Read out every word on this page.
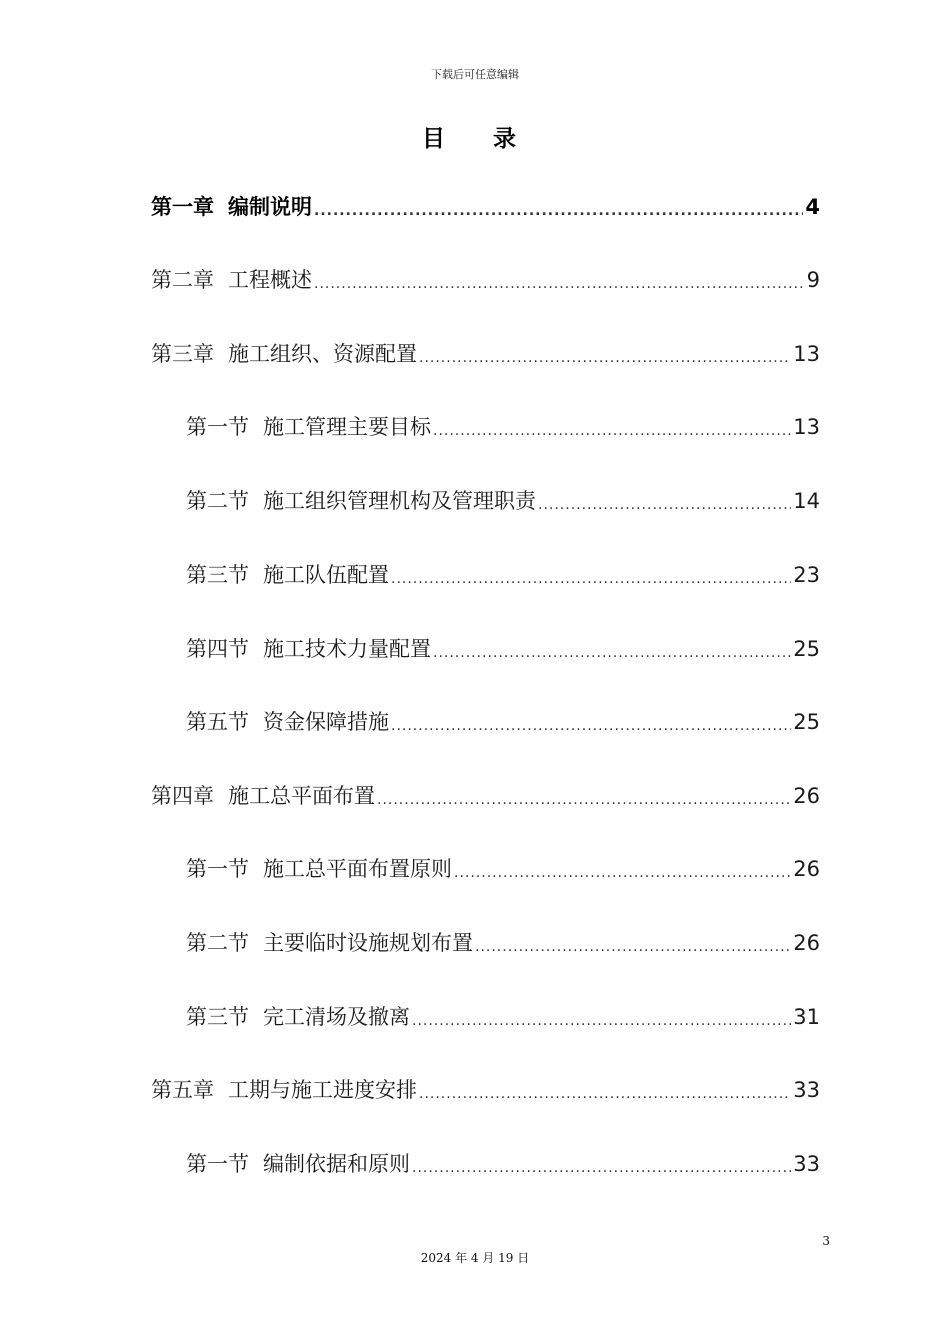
下载后可任意编辑
目录
第一章 编制说明 .....	4
第二章 工程概述 .....	9
第三章 施工组织、资源配置 .....	13
第一节 施工管理主要目标 .....	13
第二节 施工组织管理机构及管理职责 .....	14
第三节 施工队伍配置 .....	23
第四节 施工技术力量配置 .....	25
第五节 资金保障措施 .....	25
第四章 施工总平面布置 .....	26
第一节 施工总平面布置原则 .....	26
第二节 主要临时设施规划布置 .....	26
第三节 完工清场及撤离 .....	31
第五章 工期与施工进度安排 .....	33
第一节 编制依据和原则 .....	33
3
2024 年 4 月 19 日
